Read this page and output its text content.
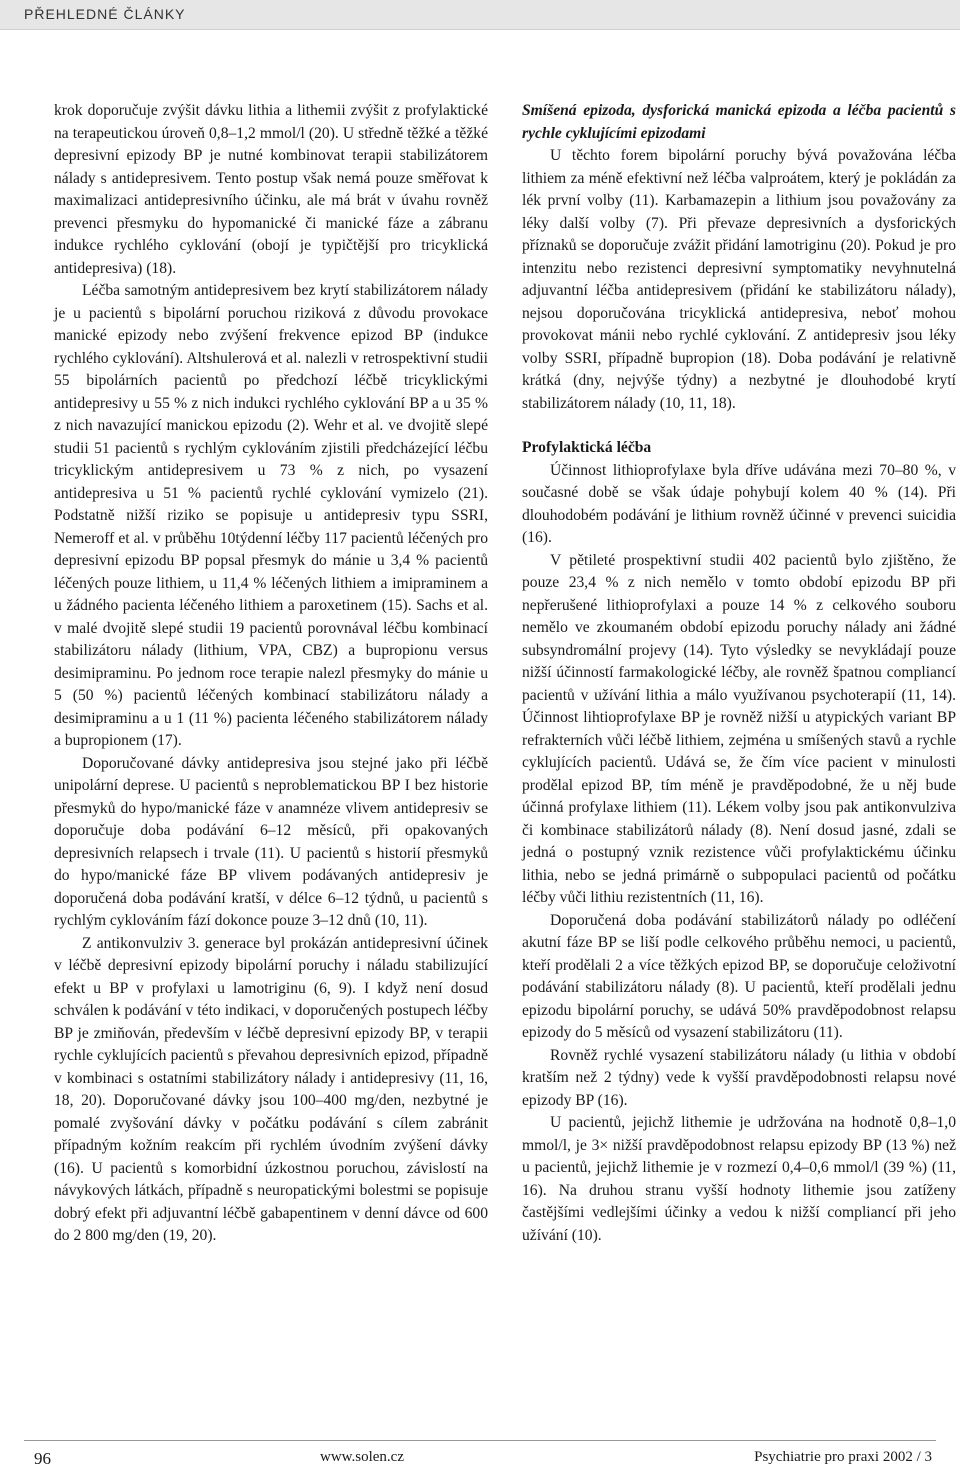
PŘEHLEDNÉ ČLÁNKY

krok doporučuje zvýšit dávku lithia a lithemii zvýšit z profylaktické na terapeutickou úroveň 0,8–1,2 mmol/l (20). U středně těžké a těžké depresivní epizody BP je nutné kombinovat terapii stabilizátorem nálady s antidepresivem. Tento postup však nemá pouze směřovat k maximalizaci antidepresivního účinku, ale má brát v úvahu rovněž prevenci přesmyku do hypomanické či manické fáze a zábranu indukce rychlého cyklování (obojí je typičtější pro tricyklická antidepresiva) (18).

Léčba samotným antidepresivem bez krytí stabilizátorem nálady je u pacientů s bipolární poruchou riziková z důvodu provokace manické epizody nebo zvýšení frekvence epizod BP (indukce rychlého cyklování). Altshulerová et al. nalezli v retrospektivní studii 55 bipolárních pacientů po předchozí léčbě tricyklickými antidepresivy u 55 % z nich indukci rychlého cyklování BP a u 35 % z nich navazující manickou epizodu (2). Wehr et al. ve dvojitě slepé studii 51 pacientů s rychlým cyklováním zjistili předcházející léčbu tricyklickým antidepresivem u 73 % z nich, po vysazení antidepresiva u 51 % pacientů rychlé cyklování vymizelo (21). Podstatně nižší riziko se popisuje u antidepresiv typu SSRI, Nemeroff et al. v průběhu 10týdenní léčby 117 pacientů léčených pro depresivní epizodu BP popsal přesmyk do mánie u 3,4 % pacientů léčených pouze lithiem, u 11,4 % léčených lithiem a imipraminem a u žádného pacienta léčeného lithiem a paroxetinem (15). Sachs et al. v malé dvojitě slepé studii 19 pacientů porovnával léčbu kombinací stabilizátoru nálady (lithium, VPA, CBZ) a bupropionu versus desimipraminu. Po jednom roce terapie nalezl přesmyky do mánie u 5 (50 %) pacientů léčených kombinací stabilizátoru nálady a desimipraminu a u 1 (11 %) pacienta léčeného stabilizátorem nálady a bupropionem (17).

Doporučované dávky antidepresiva jsou stejné jako při léčbě unipolární deprese. U pacientů s neproblematickou BP I bez historie přesmyků do hypo/manické fáze v anamnéze vlivem antidepresiv se doporučuje doba podávání 6–12 měsíců, při opakovaných depresivních relapsech i trvale (11). U pacientů s historií přesmyků do hypo/manické fáze BP vlivem podávaných antidepresiv je doporučená doba podávání kratší, v délce 6–12 týdnů, u pacientů s rychlým cyklováním fází dokonce pouze 3–12 dnů (10, 11).

Z antikonvulziv 3. generace byl prokázán antidepresivní účinek v léčbě depresivní epizody bipolární poruchy i náladu stabilizující efekt u BP v profylaxi u lamotriginu (6, 9). I když není dosud schválen k podávání v této indikaci, v doporučených postupech léčby BP je zmiňován, především v léčbě depresivní epizody BP, v terapii rychle cyklujících pacientů s převahou depresivních epizod, případně v kombinaci s ostatními stabilizátory nálady i antidepresivy (11, 16, 18, 20). Doporučované dávky jsou 100–400 mg/den, nezbytné je pomalé zvyšování dávky v počátku podávání s cílem zabránit případným kožním reakcím při rychlém úvodním zvýšení dávky (16). U pacientů s komorbidní úzkostnou poruchou, závislostí na návykových látkách, případně s neuropatickými bolestmi se popisuje dobrý efekt při adjuvantní léčbě gabapentinem v denní dávce od 600 do 2 800 mg/den (19, 20).

Smíšená epizoda, dysforická manická epizoda a léčba pacientů s rychle cyklujícími epizodami

U těchto forem bipolární poruchy bývá považována léčba lithiem za méně efektivní než léčba valproátem, který je pokládán za lék první volby (11). Karbamazepin a lithium jsou považovány za léky další volby (7). Při převaze depresivních a dysforických příznaků se doporučuje zvážit přidání lamotriginu (20). Pokud je pro intenzitu nebo rezistenci depresivní symptomatiky nevyhnutelná adjuvantní léčba antidepresivem (přidání ke stabilizátoru nálady), nejsou doporučována tricyklická antidepresiva, neboť mohou provokovat mánii nebo rychlé cyklování. Z antidepresiv jsou léky volby SSRI, případně bupropion (18). Doba podávání je relativně krátká (dny, nejvýše týdny) a nezbytné je dlouhodobé krytí stabilizátorem nálady (10, 11, 18).

Profylaktická léčba

Účinnost lithioprofylaxe byla dříve udávána mezi 70–80 %, v současné době se však údaje pohybují kolem 40 % (14). Při dlouhodobém podávání je lithium rovněž účinné v prevenci suicidia (16).

V pětileté prospektivní studii 402 pacientů bylo zjištěno, že pouze 23,4 % z nich nemělo v tomto období epizodu BP při nepřerušené lithioprofylaxi a pouze 14 % z celkového souboru nemělo ve zkoumaném období epizodu poruchy nálady ani žádné subsyndromální projevy (14). Tyto výsledky se nevykládají pouze nižší účinností farmakologické léčby, ale rovněž špatnou compliancí pacientů v užívání lithia a málo využívanou psychoterapií (11, 14). Účinnost lihtioprofylaxe BP je rovněž nižší u atypických variant BP refrakterních vůči léčbě lithiem, zejména u smíšených stavů a rychle cyklujících pacientů. Udává se, že čím více pacient v minulosti prodělal epizod BP, tím méně je pravděpodobné, že u něj bude účinná profylaxe lithiem (11). Lékem volby jsou pak antikonvulziva či kombinace stabilizátorů nálady (8). Není dosud jasné, zdali se jedná o postupný vznik rezistence vůči profylaktickému účinku lithia, nebo se jedná primárně o subpopulaci pacientů od počátku léčby vůči lithiu rezistentních (11, 16).

Doporučená doba podávání stabilizátorů nálady po odléčení akutní fáze BP se liší podle celkového průběhu nemoci, u pacientů, kteří prodělali 2 a více těžkých epizod BP, se doporučuje celoživotní podávání stabilizátoru nálady (8). U pacientů, kteří prodělali jednu epizodu bipolární poruchy, se udává 50% pravděpodobnost relapsu epizody do 5 měsíců od vysazení stabilizátoru (11).

Rovněž rychlé vysazení stabilizátoru nálady (u lithia v období kratším než 2 týdny) vede k vyšší pravděpodobnosti relapsu nové epizody BP (16).

U pacientů, jejichž lithemie je udržována na hodnotě 0,8–1,0 mmol/l, je 3× nižší pravděpodobnost relapsu epizody BP (13 %) než u pacientů, jejichž lithemie je v rozmezí 0,4–0,6 mmol/l (39 %) (11, 16). Na druhou stranu vyšší hodnoty lithemie jsou zatíženy častějšími vedlejšími účinky a vedou k nižší compliancí při jeho užívání (10).

96	www.solen.cz	Psychiatrie pro praxi 2002 / 3
